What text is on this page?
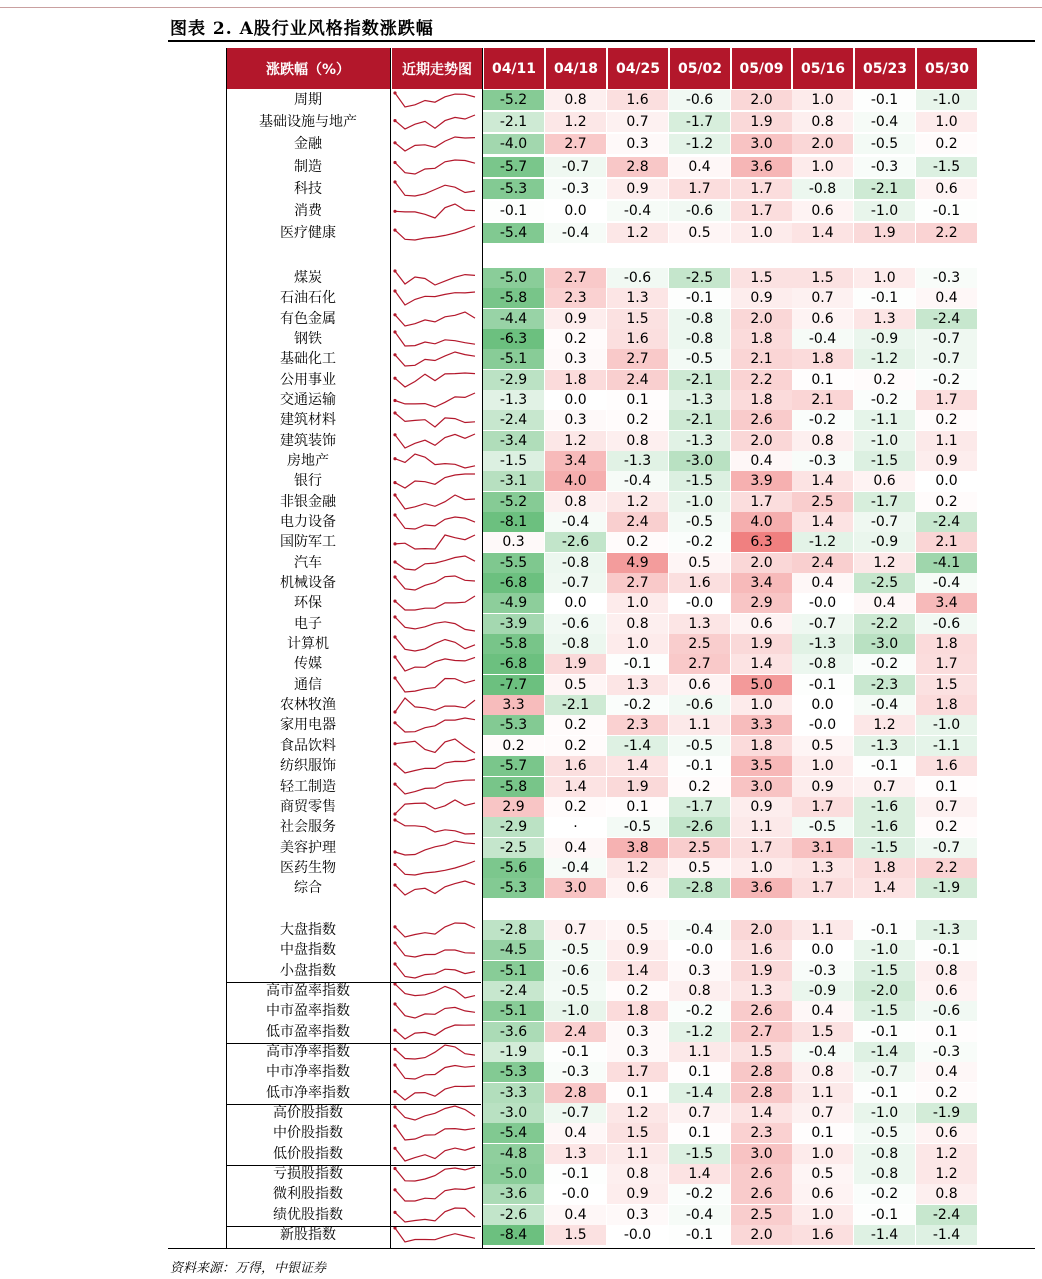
图表 2. A股行业风格指数涨跌幅
涨跌幅（%）	近期走势图	04/11	04/18	04/25	05/02	05/09	05/16	05/23	05/30
周期	-5.2	0.8	1.6	-0.6	2.0	1.0	-0.1	-1.0
基础设施与地产	-2.1	1.2	0.7	-1.7	1.9	0.8	-0.4	1.0
金融	-4.0	2.7	0.3	-1.2	3.0	2.0	-0.5	0.2
制造	-5.7	-0.7	2.8	0.4	3.6	1.0	-0.3	-1.5
科技	-5.3	-0.3	0.9	1.7	1.7	-0.8	-2.1	0.6
消费	-0.1	0.0	-0.4	-0.6	1.7	0.6	-1.0	-0.1
医疗健康	-5.4	-0.4	1.2	0.5	1.0	1.4	1.9	2.2
煤炭	-5.0	2.7	-0.6	-2.5	1.5	1.5	1.0	-0.3
石油石化	-5.8	2.3	1.3	-0.1	0.9	0.7	-0.1	0.4
有色金属	-4.4	0.9	1.5	-0.8	2.0	0.6	1.3	-2.4
钢铁	-6.3	0.2	1.6	-0.8	1.8	-0.4	-0.9	-0.7
基础化工	-5.1	0.3	2.7	-0.5	2.1	1.8	-1.2	-0.7
公用事业	-2.9	1.8	2.4	-2.1	2.2	0.1	0.2	-0.2
交通运输	-1.3	0.0	0.1	-1.3	1.8	2.1	-0.2	1.7
建筑材料	-2.4	0.3	0.2	-2.1	2.6	-0.2	-1.1	0.2
建筑装饰	-3.4	1.2	0.8	-1.3	2.0	0.8	-1.0	1.1
房地产	-1.5	3.4	-1.3	-3.0	0.4	-0.3	-1.5	0.9
银行	-3.1	4.0	-0.4	-1.5	3.9	1.4	0.6	0.0
非银金融	-5.2	0.8	1.2	-1.0	1.7	2.5	-1.7	0.2
电力设备	-8.1	-0.4	2.4	-0.5	4.0	1.4	-0.7	-2.4
国防军工	0.3	-2.6	0.2	-0.2	6.3	-1.2	-0.9	2.1
汽车	-5.5	-0.8	4.9	0.5	2.0	2.4	1.2	-4.1
机械设备	-6.8	-0.7	2.7	1.6	3.4	0.4	-2.5	-0.4
环保	-4.9	0.0	1.0	-0.0	2.9	-0.0	0.4	3.4
电子	-3.9	-0.6	0.8	1.3	0.6	-0.7	-2.2	-0.6
计算机	-5.8	-0.8	1.0	2.5	1.9	-1.3	-3.0	1.8
传媒	-6.8	1.9	-0.1	2.7	1.4	-0.8	-0.2	1.7
通信	-7.7	0.5	1.3	0.6	5.0	-0.1	-2.3	1.5
农林牧渔	3.3	-2.1	-0.2	-0.6	1.0	0.0	-0.4	1.8
家用电器	-5.3	0.2	2.3	1.1	3.3	-0.0	1.2	-1.0
食品饮料	0.2	0.2	-1.4	-0.5	1.8	0.5	-1.3	-1.1
纺织服饰	-5.7	1.6	1.4	-0.1	3.5	1.0	-0.1	1.6
轻工制造	-5.8	1.4	1.9	0.2	3.0	0.9	0.7	0.1
商贸零售	2.9	0.2	0.1	-1.7	0.9	1.7	-1.6	0.7
社会服务	-2.9	·	-0.5	-2.6	1.1	-0.5	-1.6	0.2
美容护理	-2.5	0.4	3.8	2.5	1.7	3.1	-1.5	-0.7
医药生物	-5.6	-0.4	1.2	0.5	1.0	1.3	1.8	2.2
综合	-5.3	3.0	0.6	-2.8	3.6	1.7	1.4	-1.9
大盘指数	-2.8	0.7	0.5	-0.4	2.0	1.1	-0.1	-1.3
中盘指数	-4.5	-0.5	0.9	-0.0	1.6	0.0	-1.0	-0.1
小盘指数	-5.1	-0.6	1.4	0.3	1.9	-0.3	-1.5	0.8
高市盈率指数	-2.4	-0.5	0.2	0.8	1.3	-0.9	-2.0	0.6
中市盈率指数	-5.1	-1.0	1.8	-0.2	2.6	0.4	-1.5	-0.6
低市盈率指数	-3.6	2.4	0.3	-1.2	2.7	1.5	-0.1	0.1
高市净率指数	-1.9	-0.1	0.3	1.1	1.5	-0.4	-1.4	-0.3
中市净率指数	-5.3	-0.3	1.7	0.1	2.8	0.8	-0.7	0.4
低市净率指数	-3.3	2.8	0.1	-1.4	2.8	1.1	-0.1	0.2
高价股指数	-3.0	-0.7	1.2	0.7	1.4	0.7	-1.0	-1.9
中价股指数	-5.4	0.4	1.5	0.1	2.3	0.1	-0.5	0.6
低价股指数	-4.8	1.3	1.1	-1.5	3.0	1.0	-0.8	1.2
亏损股指数	-5.0	-0.1	0.8	1.4	2.6	0.5	-0.8	1.2
微利股指数	-3.6	-0.0	0.9	-0.2	2.6	0.6	-0.2	0.8
绩优股指数	-2.6	0.4	0.3	-0.4	2.5	1.0	-0.1	-2.4
新股指数	-8.4	1.5	-0.0	-0.1	2.0	1.6	-1.4	-1.4
资料来源：万得，中银证券
